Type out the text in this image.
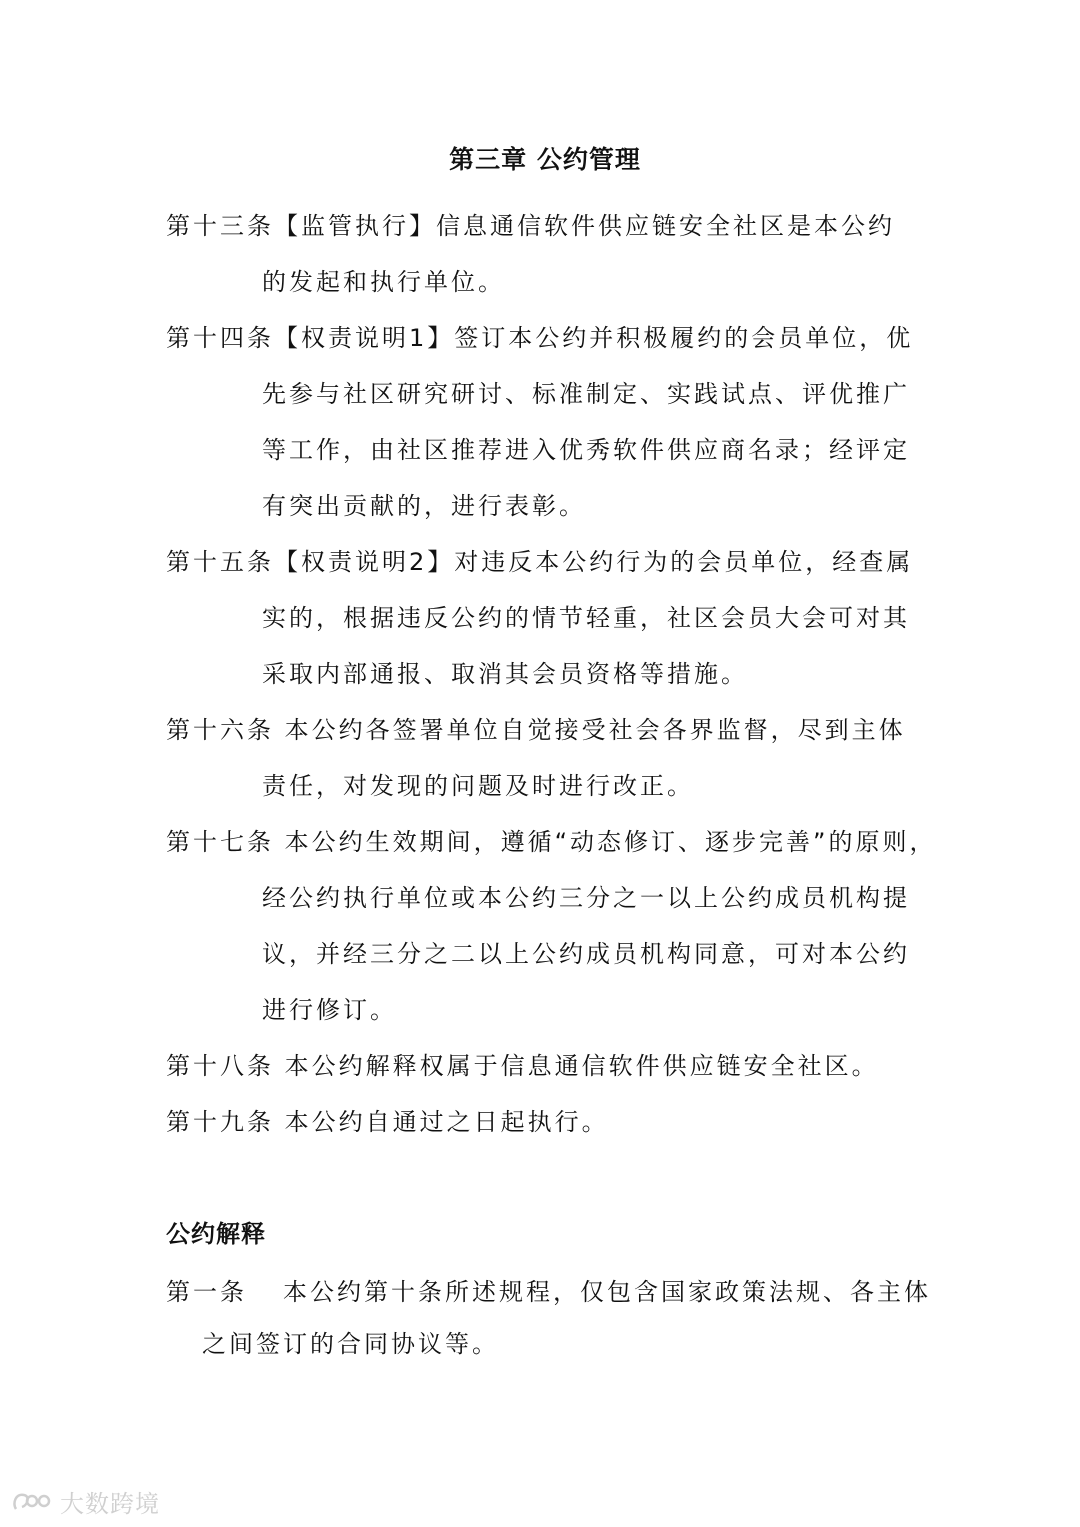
第三章 公约管理
第十三条【监管执行】信息通信软件供应链安全社区是本公约
的发起和执行单位。
第十四条【权责说明1】签订本公约并积极履约的会员单位，优
先参与社区研究研讨、标准制定、实践试点、评优推广
等工作，由社区推荐进入优秀软件供应商名录；经评定
有突出贡献的，进行表彰。
第十五条【权责说明2】对违反本公约行为的会员单位，经查属
实的，根据违反公约的情节轻重，社区会员大会可对其
采取内部通报、取消其会员资格等措施。
第十六条 本公约各签署单位自觉接受社会各界监督，尽到主体
责任，对发现的问题及时进行改正。
第十七条 本公约生效期间，遵循“动态修订、逐步完善”的原则，
经公约执行单位或本公约三分之一以上公约成员机构提
议，并经三分之二以上公约成员机构同意，可对本公约
进行修订。
第十八条 本公约解释权属于信息通信软件供应链安全社区。
第十九条 本公约自通过之日起执行。
公约解释
第一条 本公约第十条所述规程，仅包含国家政策法规、各主体
之间签订的合同协议等。
大数跨境
